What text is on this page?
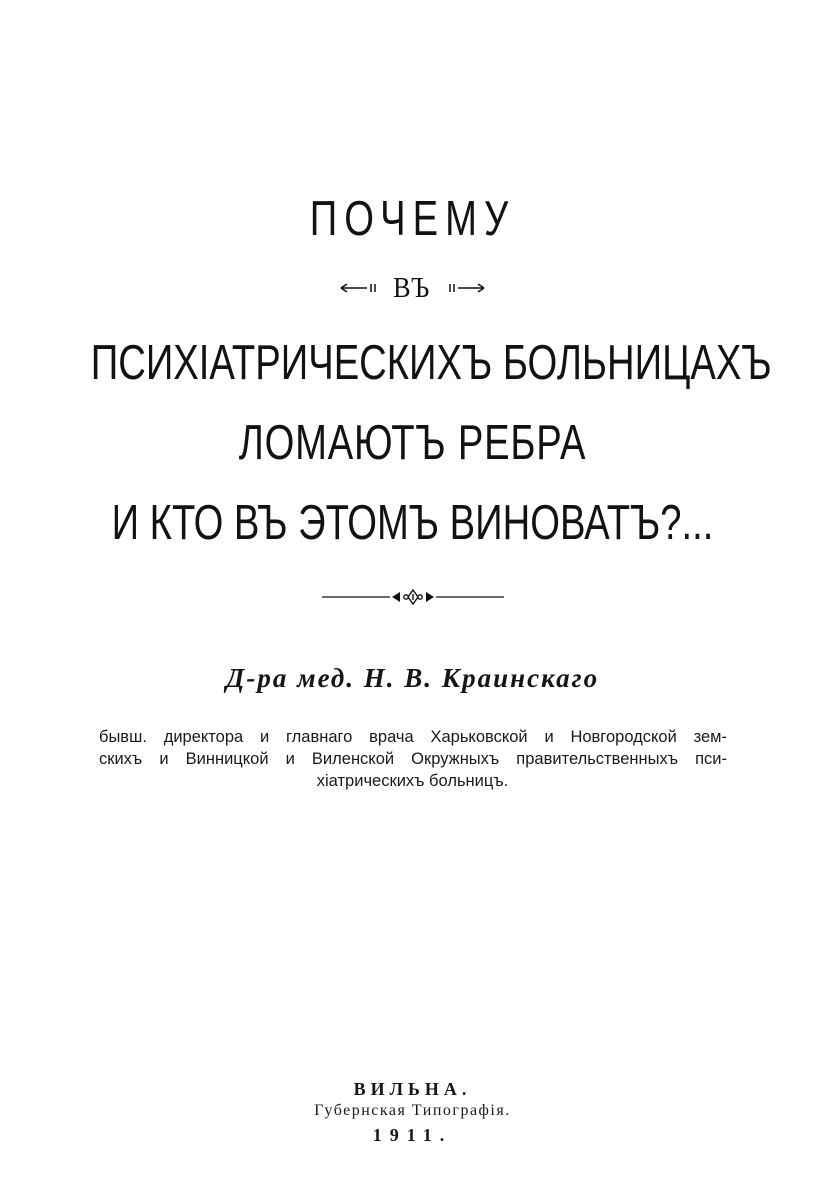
ПОЧЕМУ
ВЪ
ПСИХІАТРИЧЕСКИХЪ БОЛЬНИЦАХЪ
ЛОМАЮТЪ РЕБРА
И КТО ВЪ ЭТОМЪ ВИНОВАТЪ?...
Д-ра мед. Н. В. Краинскаго
бывш. директора и главнаго врача Харьковской и Новгородской зем-
скихъ и Винницкой и Виленской Окружныхъ правительственныхъ пси-
хіатрическихъ больницъ.
ВИЛЬНА.
Губернская Типографія.
1911.
